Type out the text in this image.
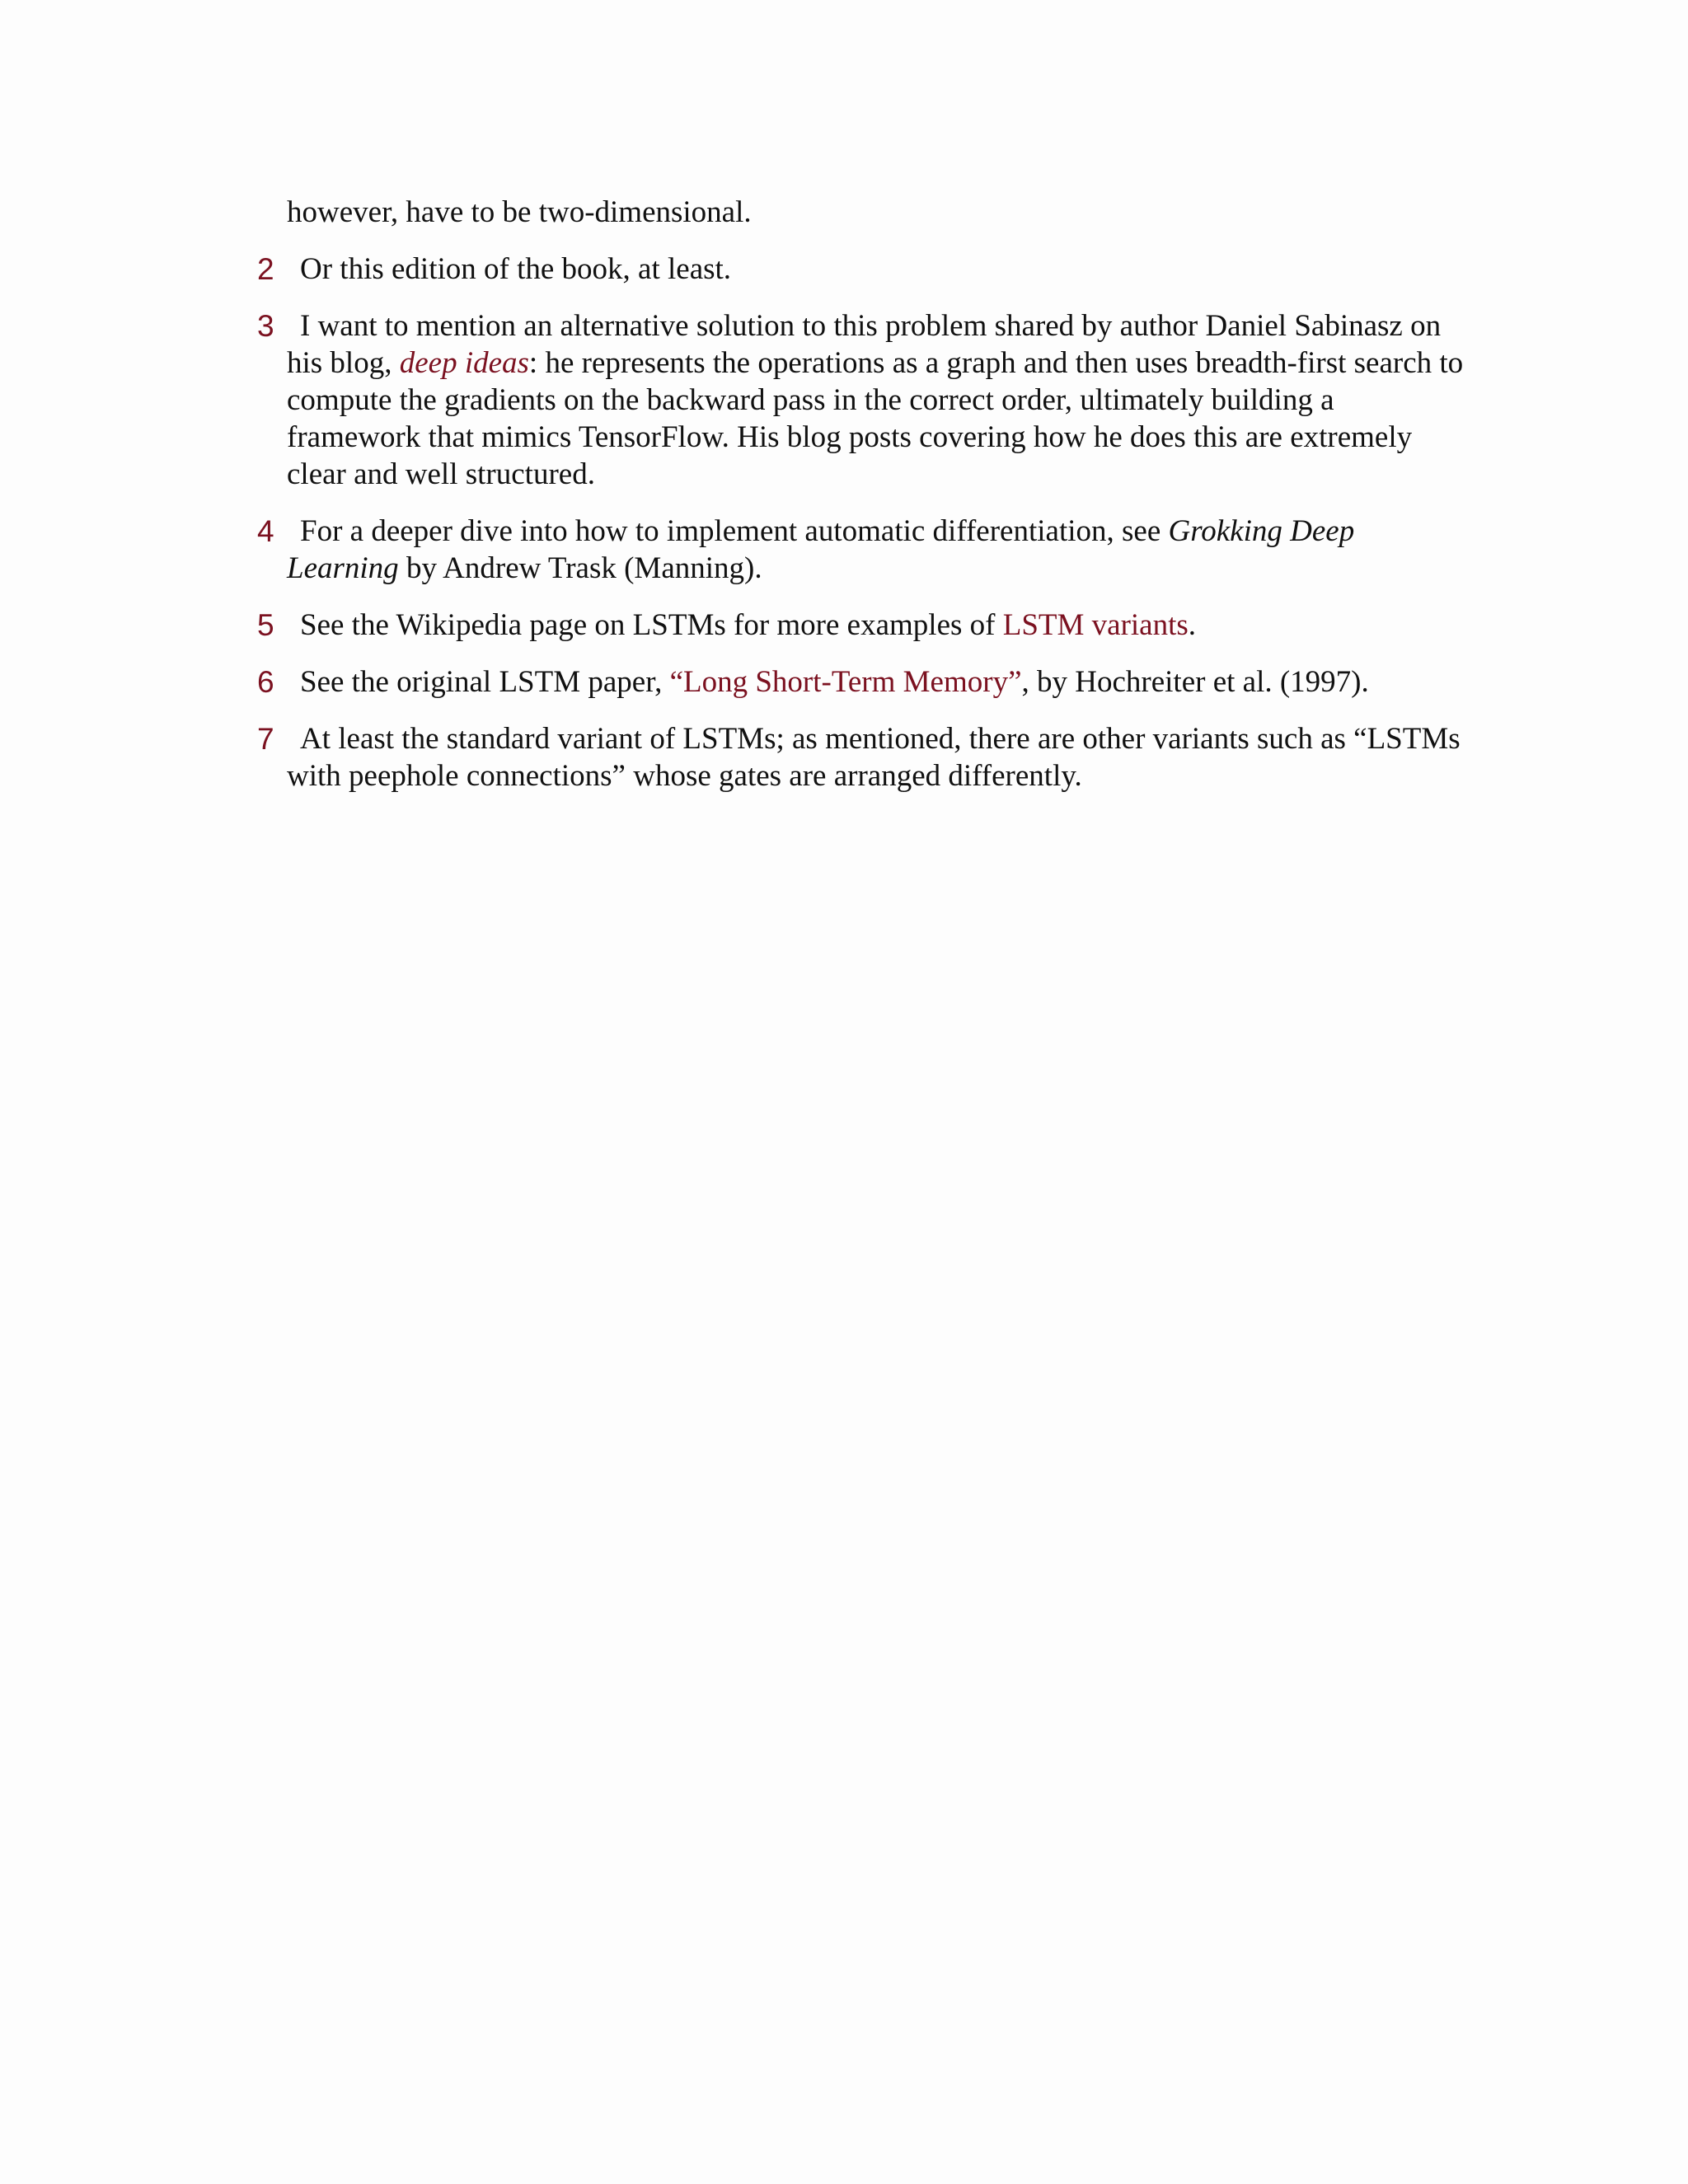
however, have to be two-dimensional.
2 Or this edition of the book, at least.
3 I want to mention an alternative solution to this problem shared by author Daniel Sabinasz on his blog, deep ideas: he represents the operations as a graph and then uses breadth-first search to compute the gradients on the backward pass in the correct order, ultimately building a framework that mimics TensorFlow. His blog posts covering how he does this are extremely clear and well structured.
4 For a deeper dive into how to implement automatic differentiation, see Grokking Deep Learning by Andrew Trask (Manning).
5 See the Wikipedia page on LSTMs for more examples of LSTM variants.
6 See the original LSTM paper, “Long Short-Term Memory”, by Hochreiter et al. (1997).
7 At least the standard variant of LSTMs; as mentioned, there are other variants such as “LSTMs with peephole connections” whose gates are arranged differently.
